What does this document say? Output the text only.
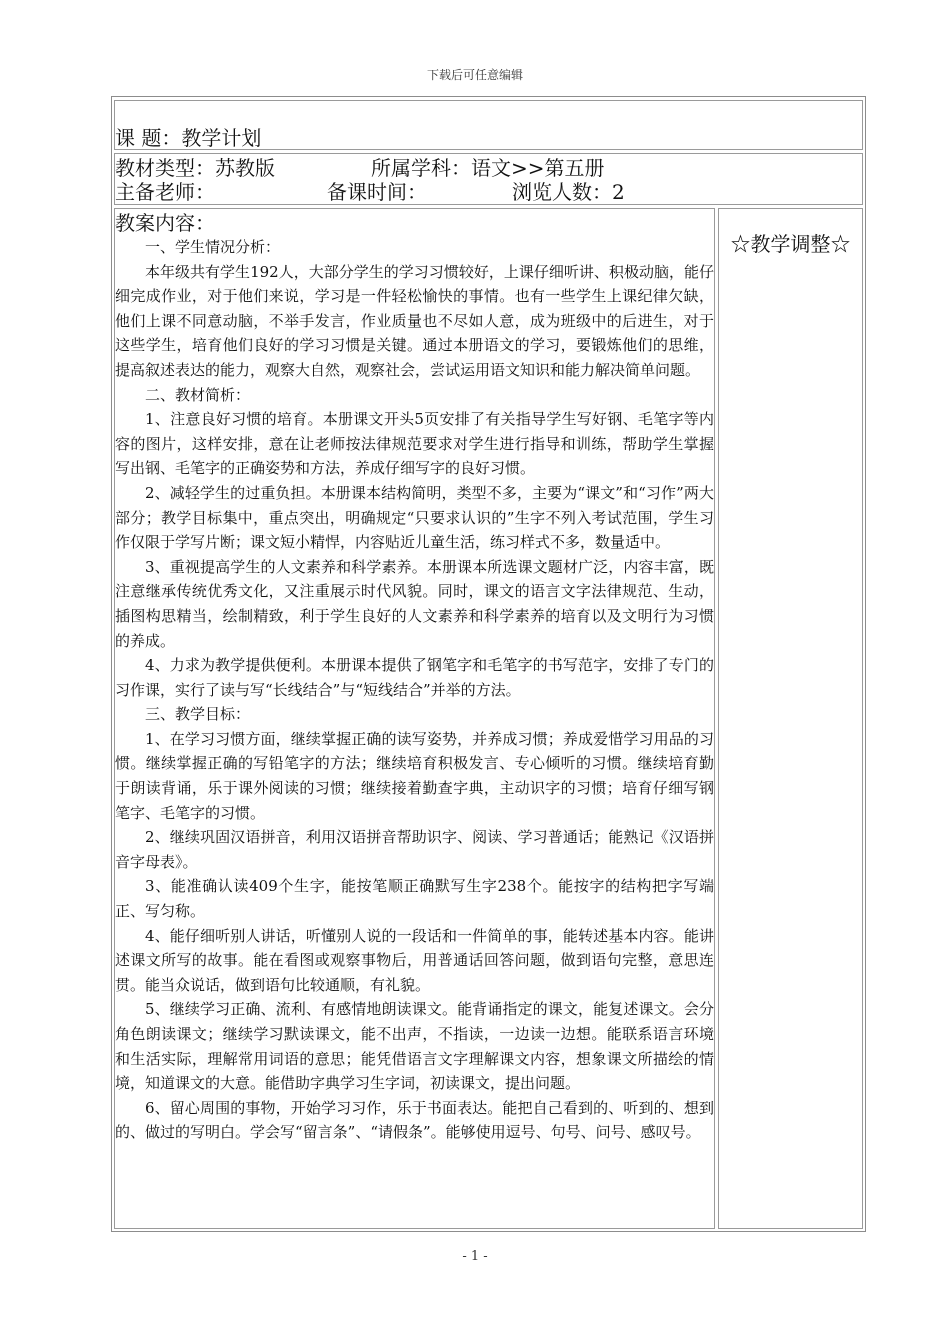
下载后可任意编辑
课 题：教学计划
教材类型：苏教版	所属学科：语文>>第五册
主备老师：	备课时间：	浏览人数：2
教案内容：

一、学生情况分析：

本年级共有学生192人，大部分学生的学习习惯较好，上课仔细听讲、积极动脑，能仔细完成作业，对于他们来说，学习是一件轻松愉快的事情。也有一些学生上课纪律欠缺，他们上课不同意动脑，不举手发言，作业质量也不尽如人意，成为班级中的后进生，对于这些学生，培育他们良好的学习习惯是关键。通过本册语文的学习，要锻炼他们的思维，提高叙述表达的能力，观察大自然，观察社会，尝试运用语文知识和能力解决简单问题。

二、教材简析：

1、注意良好习惯的培育。本册课文开头5页安排了有关指导学生写好钢、毛笔字等内容的图片，这样安排，意在让老师按法律规范要求对学生进行指导和训练，帮助学生掌握写出钢、毛笔字的正确姿势和方法，养成仔细写字的良好习惯。

2、减轻学生的过重负担。本册课本结构简明，类型不多，主要为“课文”和“习作”两大部分；教学目标集中，重点突出，明确规定“只要求认识的”生字不列入考试范围，学生习作仅限于学写片断；课文短小精悍，内容贴近儿童生活，练习样式不多，数量适中。

3、重视提高学生的人文素养和科学素养。本册课本所选课文题材广泛，内容丰富，既注意继承传统优秀文化，又注重展示时代风貌。同时，课文的语言文字法律规范、生动，插图构思精当，绘制精致，利于学生良好的人文素养和科学素养的培育以及文明行为习惯的养成。

4、力求为教学提供便利。本册课本提供了钢笔字和毛笔字的书写范字，安排了专门的习作课，实行了读与写“长线结合”与“短线结合”并举的方法。

三、教学目标：

1、在学习习惯方面，继续掌握正确的读写姿势，并养成习惯；养成爱惜学习用品的习惯。继续掌握正确的写铅笔字的方法；继续培育积极发言、专心倾听的习惯。继续培育勤于朗读背诵，乐于课外阅读的习惯；继续接着勤查字典，主动识字的习惯；培育仔细写钢笔字、毛笔字的习惯。

2、继续巩固汉语拼音，利用汉语拼音帮助识字、阅读、学习普通话；能熟记《汉语拼音字母表》。

3、能准确认读409个生字，能按笔顺正确默写生字238个。能按字的结构把字写端正、写匀称。

4、能仔细听别人讲话，听懂别人说的一段话和一件简单的事，能转述基本内容。能讲述课文所写的故事。能在看图或观察事物后，用普通话回答问题，做到语句完整，意思连贯。能当众说话，做到语句比较通顺，有礼貌。

5、继续学习正确、流利、有感情地朗读课文。能背诵指定的课文，能复述课文。会分角色朗读课文；继续学习默读课文，能不出声，不指读，一边读一边想。能联系语言环境和生活实际，理解常用词语的意思；能凭借语言文字理解课文内容，想象课文所描绘的情境，知道课文的大意。能借助字典学习生字词，初读课文，提出问题。

6、留心周围的事物，开始学习习作，乐于书面表达。能把自己看到的、听到的、想到的、做过的写明白。学会写“留言条”、“请假条”。能够使用逗号、句号、问号、感叹号。

☆教学调整☆
- 1 -
